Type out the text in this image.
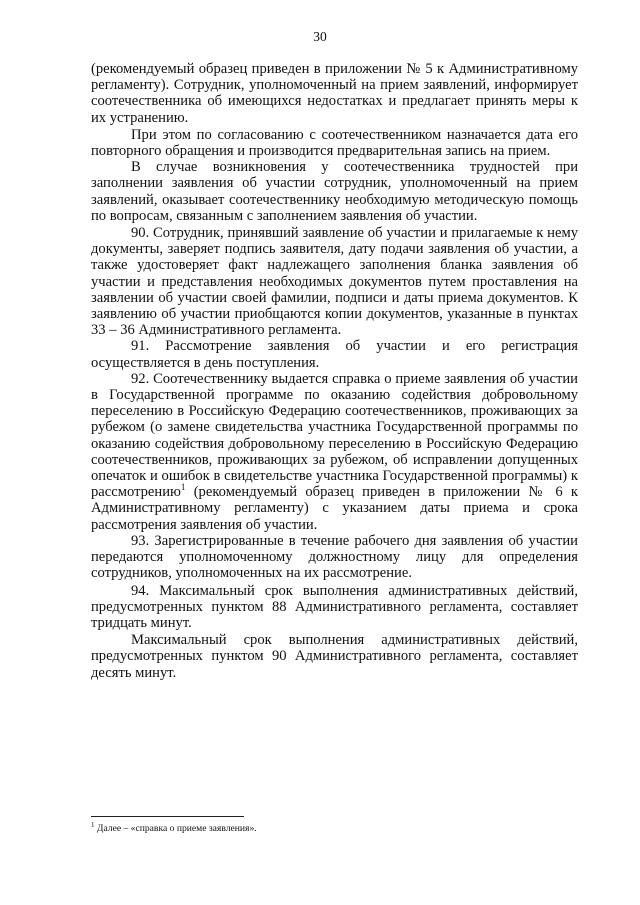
30

(рекомендуемый образец приведен в приложении № 5 к Административному регламенту). Сотрудник, уполномоченный на прием заявлений, информирует соотечественника об имеющихся недостатках и предлагает принять меры к их устранению.

При этом по согласованию с соотечественником назначается дата его повторного обращения и производится предварительная запись на прием.

В случае возникновения у соотечественника трудностей при заполнении заявления об участии сотрудник, уполномоченный на прием заявлений, оказывает соотечественнику необходимую методическую помощь по вопросам, связанным с заполнением заявления об участии.

90. Сотрудник, принявший заявление об участии и прилагаемые к нему документы, заверяет подпись заявителя, дату подачи заявления об участии, а также удостоверяет факт надлежащего заполнения бланка заявления об участии и представления необходимых документов путем проставления на заявлении об участии своей фамилии, подписи и даты приема документов. К заявлению об участии приобщаются копии документов, указанные в пунктах 33 – 36 Административного регламента.

91. Рассмотрение заявления об участии и его регистрация осуществляется в день поступления.

92. Соотечественнику выдается справка о приеме заявления об участии в Государственной программе по оказанию содействия добровольному переселению в Российскую Федерацию соотечественников, проживающих за рубежом (о замене свидетельства участника Государственной программы по оказанию содействия добровольному переселению в Российскую Федерацию соотечественников, проживающих за рубежом, об исправлении допущенных опечаток и ошибок в свидетельстве участника Государственной программы) к рассмотрению$^1$ (рекомендуемый образец приведен в приложении № 6 к Административному регламенту) с указанием даты приема и срока рассмотрения заявления об участии.

93. Зарегистрированные в течение рабочего дня заявления об участии передаются уполномоченному должностному лицу для определения сотрудников, уполномоченных на их рассмотрение.

94. Максимальный срок выполнения административных действий, предусмотренных пунктом 88 Административного регламента, составляет тридцать минут.

Максимальный срок выполнения административных действий, предусмотренных пунктом 90 Административного регламента, составляет десять минут.

$^1$ Далее – «справка о приеме заявления».
